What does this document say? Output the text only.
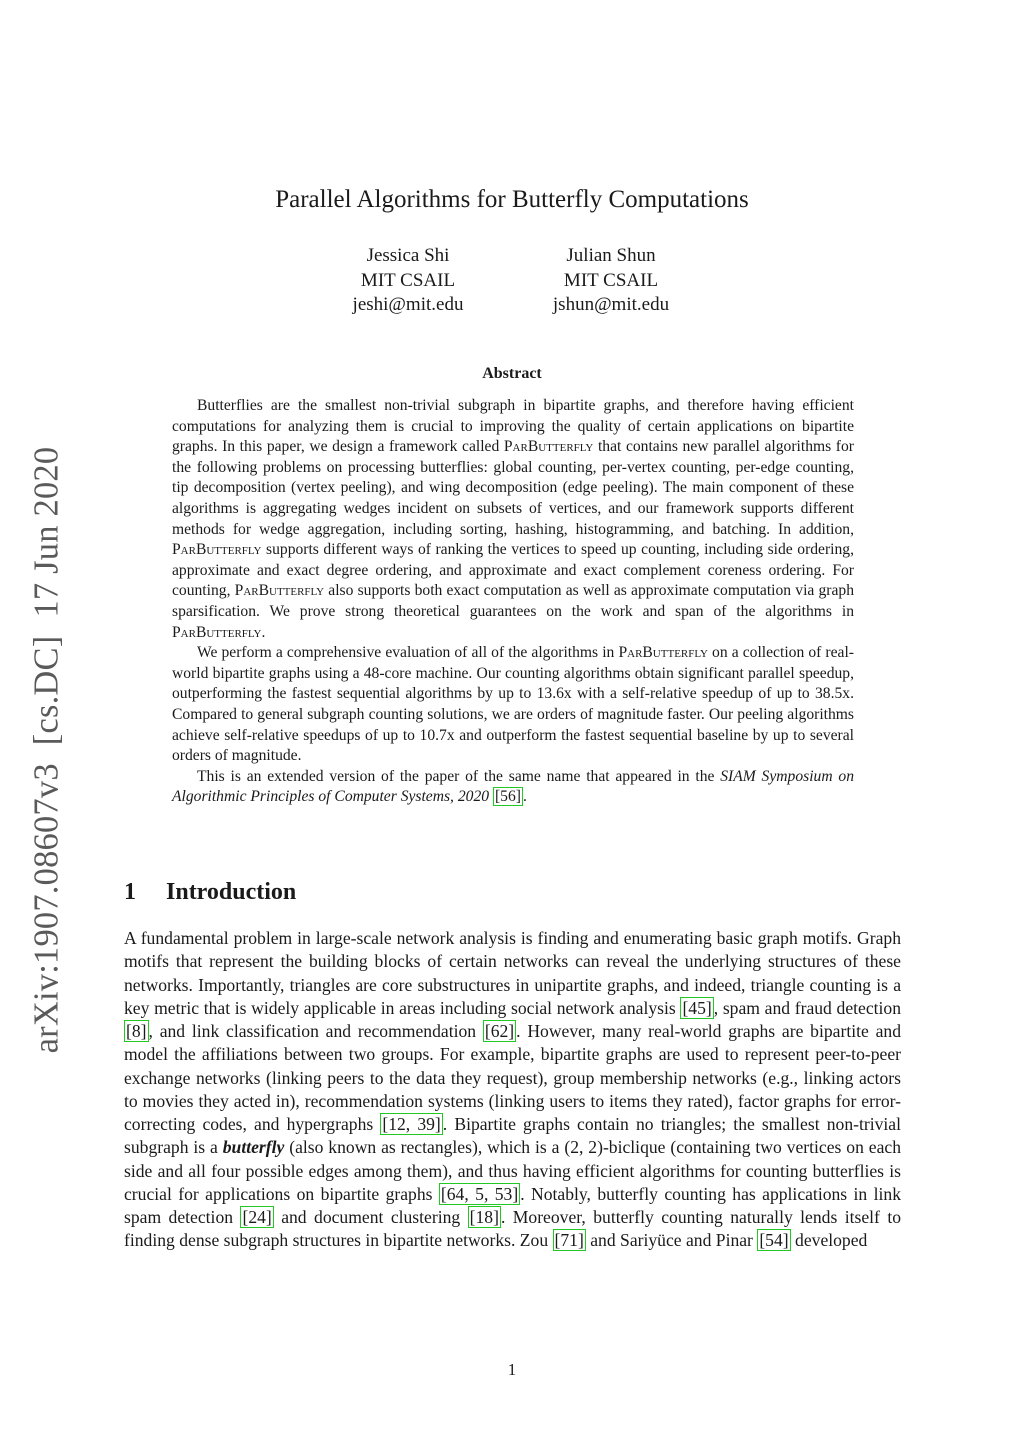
arXiv:1907.08607v3[cs.DC]17 Jun 2020
Parallel Algorithms for Butterfly Computations
Jessica Shi
MIT CSAIL
jeshi@mit.edu
Julian Shun
MIT CSAIL
jshun@mit.edu
Abstract

Butterflies are the smallest non-trivial subgraph in bipartite graphs, and therefore having efficient computations for analyzing them is crucial to improving the quality of certain applications on bipartite graphs. In this paper, we design a framework called ParButterfly that contains new parallel algorithms for the following problems on processing butterflies: global counting, per-vertex counting, per-edge counting, tip decomposition (vertex peeling), and wing decomposition (edge peeling). The main component of these algorithms is aggregating wedges incident on subsets of vertices, and our framework supports different methods for wedge aggregation, including sorting, hashing, histogramming, and batching. In addition, ParButterfly supports different ways of ranking the vertices to speed up counting, including side ordering, approximate and exact degree ordering, and approximate and exact complement coreness ordering. For counting, ParButterfly also supports both exact computation as well as approximate computation via graph sparsification. We prove strong theoretical guarantees on the work and span of the algorithms in ParButterfly.

We perform a comprehensive evaluation of all of the algorithms in ParButterfly on a collection of real-world bipartite graphs using a 48-core machine. Our counting algorithms obtain significant parallel speedup, outperforming the fastest sequential algorithms by up to 13.6x with a self-relative speedup of up to 38.5x. Compared to general subgraph counting solutions, we are orders of magnitude faster. Our peeling algorithms achieve self-relative speedups of up to 10.7x and outperform the fastest sequential baseline by up to several orders of magnitude.

This is an extended version of the paper of the same name that appeared in the SIAM Symposium on Algorithmic Principles of Computer Systems, 2020 [56] .

1 Introduction

A fundamental problem in large-scale network analysis is finding and enumerating basic graph motifs. Graph motifs that represent the building blocks of certain networks can reveal the underlying structures of these networks. Importantly, triangles are core substructures in unipartite graphs, and indeed, triangle counting is a key metric that is widely applicable in areas including social network analysis [45] , spam and fraud detection [8] , and link classification and recommendation [62] . However, many real-world graphs are bipartite and model the affiliations between two groups. For example, bipartite graphs are used to represent peer-to-peer exchange networks (linking peers to the data they request), group membership networks (e.g., linking actors to movies they acted in), recommendation systems (linking users to items they rated), factor graphs for error-correcting codes, and hypergraphs [12, 39] . Bipartite graphs contain no triangles; the smallest non-trivial subgraph is a butterfly (also known as rectangles), which is a (2, 2)-biclique (containing two vertices on each side and all four possible edges among them), and thus having efficient algorithms for counting butterflies is crucial for applications on bipartite graphs [64, 5, 53] . Notably, butterfly counting has applications in link spam detection [24] and document clustering [18] . Moreover, butterfly counting naturally lends itself to finding dense subgraph structures in bipartite networks. Zou [71] and Sariyüce and Pinar [54] developed

1
